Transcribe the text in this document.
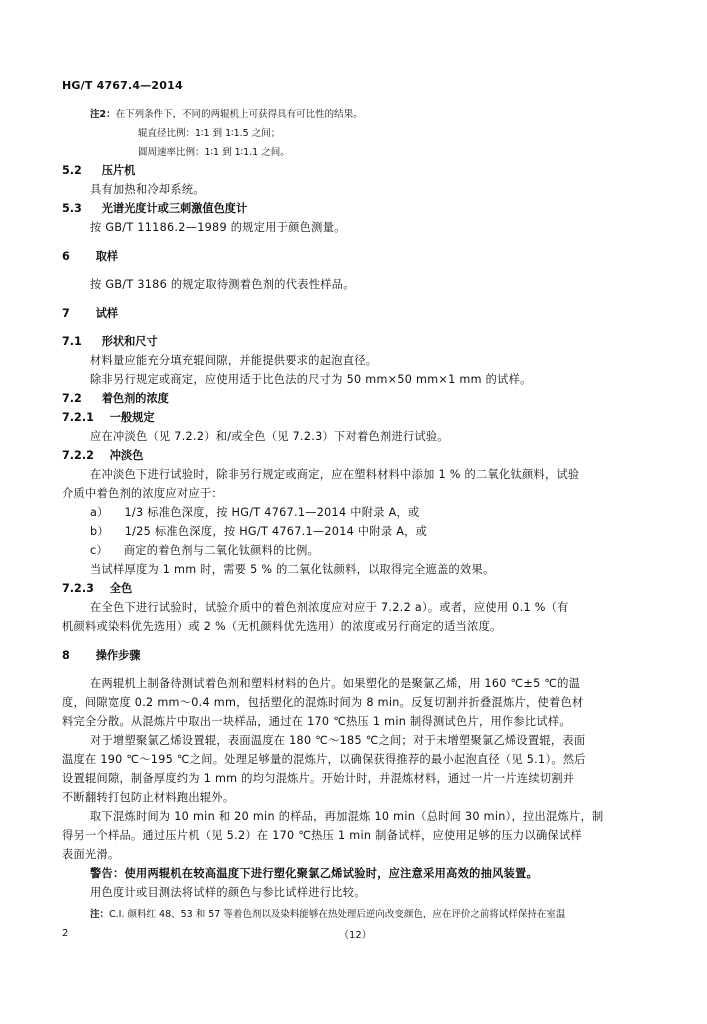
HG/T 4767.4—2014
注2：在下列条件下，不同的两辊机上可获得具有可比性的结果。
辊直径比例：1∶1 到 1∶1.5 之间；
圆周速率比例：1∶1 到 1∶1.1 之间。
5.2 压片机
具有加热和冷却系统。
5.3 光谱光度计或三刺激值色度计
按 GB/T 11186.2—1989 的规定用于颜色测量。
6 取样
按 GB/T 3186 的规定取待测着色剂的代表性样品。
7 试样
7.1 形状和尺寸
材料量应能充分填充辊间隙，并能提供要求的起泡直径。
除非另行规定或商定，应使用适于比色法的尺寸为 50 mm×50 mm×1 mm 的试样。
7.2 着色剂的浓度
7.2.1 一般规定
应在冲淡色（见 7.2.2）和/或全色（见 7.2.3）下对着色剂进行试验。
7.2.2 冲淡色
在冲淡色下进行试验时，除非另行规定或商定，应在塑料材料中添加 1 % 的二氧化钛颜料，试验
介质中着色剂的浓度应对应于：
a） 1/3 标准色深度，按 HG/T 4767.1—2014 中附录 A，或
b） 1/25 标准色深度，按 HG/T 4767.1—2014 中附录 A，或
c） 商定的着色剂与二氧化钛颜料的比例。
当试样厚度为 1 mm 时，需要 5 % 的二氧化钛颜料，以取得完全遮盖的效果。
7.2.3 全色
在全色下进行试验时，试验介质中的着色剂浓度应对应于 7.2.2 a）。或者，应使用 0.1 %（有
机颜料或染料优先选用）或 2 %（无机颜料优先选用）的浓度或另行商定的适当浓度。
8 操作步骤
在两辊机上制备待测试着色剂和塑料材料的色片。如果塑化的是聚氯乙烯，用 160 ℃±5 ℃的温
度，间隙宽度 0.2 mm～0.4 mm，包括塑化的混炼时间为 8 min。反复切割并折叠混炼片，使着色材
料完全分散。从混炼片中取出一块样品，通过在 170 ℃热压 1 min 制得测试色片，用作参比试样。
对于增塑聚氯乙烯设置辊，表面温度在 180 ℃～185 ℃之间；对于未增塑聚氯乙烯设置辊，表面
温度在 190 ℃～195 ℃之间。处理足够量的混炼片，以确保获得推荐的最小起泡直径（见 5.1）。然后
设置辊间隙，制备厚度约为 1 mm 的均匀混炼片。开始计时，并混炼材料，通过一片一片连续切割并
不断翻转打包防止材料跑出辊外。
取下混炼时间为 10 min 和 20 min 的样品，再加混炼 10 min（总时间 30 min），拉出混炼片，制
得另一个样品。通过压片机（见 5.2）在 170 ℃热压 1 min 制备试样，应使用足够的压力以确保试样
表面光滑。
警告：使用两辊机在较高温度下进行塑化聚氯乙烯试验时，应注意采用高效的抽风装置。
用色度计或目测法将试样的颜色与参比试样进行比较。
注：C.I. 颜料红 48、53 和 57 等着色剂以及染料能够在热处理后逆向改变颜色，应在评价之前将试样保持在室温
2	（12）
